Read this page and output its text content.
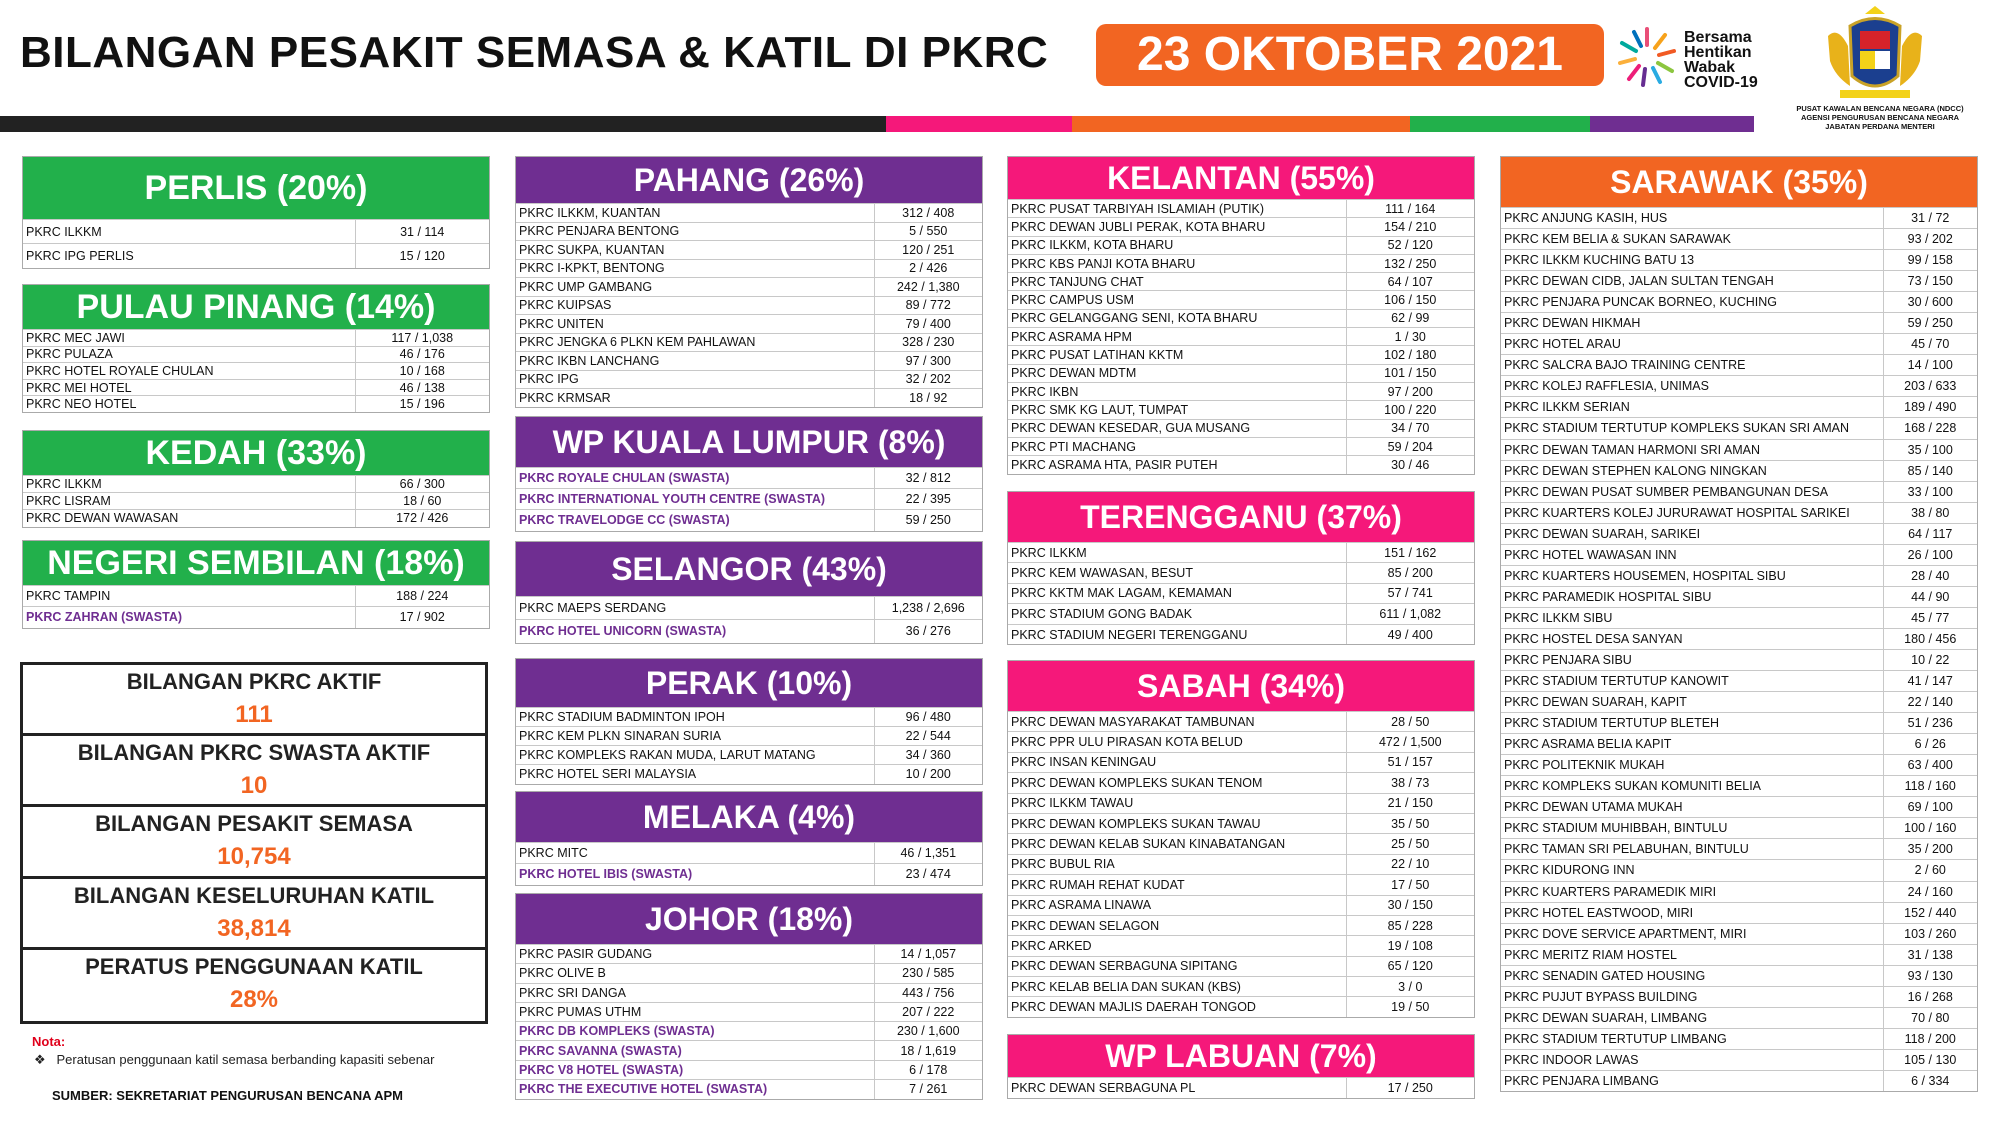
BILANGAN PESAKIT SEMASA & KATIL DI PKRC	23 OKTOBER 2021	Bersama
Hentikan
Wabak
COVID-19
PUSAT KAWALAN BENCANA NEGARA (NDCC)
AGENSI PENGURUSAN BENCANA NEGARA
JABATAN PERDANA MENTERI
PERLIS (20%)
PKRC ILKKM	31 / 114
PKRC IPG PERLIS	15 / 120
PULAU PINANG (14%)
PKRC MEC JAWI	117 / 1,038
PKRC PULAZA	46 / 176
PKRC HOTEL ROYALE CHULAN	10 / 168
PKRC MEI HOTEL	46 / 138
PKRC NEO HOTEL	15 / 196
KEDAH (33%)
PKRC ILKKM	66 / 300
PKRC LISRAM	18 / 60
PKRC DEWAN WAWASAN	172 / 426
NEGERI SEMBILAN (18%)
PKRC TAMPIN	188 / 224
PKRC ZAHRAN (SWASTA)	17 / 902
PAHANG (26%)
PKRC ILKKM, KUANTAN	312 / 408
PKRC PENJARA BENTONG	5 / 550
PKRC SUKPA, KUANTAN	120 / 251
PKRC I-KPKT, BENTONG	2 / 426
PKRC UMP GAMBANG	242 / 1,380
PKRC KUIPSAS	89 / 772
PKRC UNITEN	79 / 400
PKRC JENGKA 6 PLKN KEM PAHLAWAN	328 / 230
PKRC IKBN LANCHANG	97 / 300
PKRC IPG	32 / 202
PKRC KRMSAR	18 / 92
WP KUALA LUMPUR (8%)
PKRC ROYALE CHULAN (SWASTA)	32 / 812
PKRC INTERNATIONAL YOUTH CENTRE (SWASTA)	22 / 395
PKRC TRAVELODGE CC (SWASTA)	59 / 250
SELANGOR (43%)
PKRC MAEPS SERDANG	1,238 / 2,696
PKRC HOTEL UNICORN (SWASTA)	36 / 276
PERAK (10%)
PKRC STADIUM BADMINTON IPOH	96 / 480
PKRC KEM PLKN SINARAN SURIA	22 / 544
PKRC KOMPLEKS RAKAN MUDA, LARUT MATANG	34 / 360
PKRC HOTEL SERI MALAYSIA	10 / 200
MELAKA (4%)
PKRC MITC	46 / 1,351
PKRC HOTEL IBIS (SWASTA)	23 / 474
JOHOR (18%)
PKRC PASIR GUDANG	14 / 1,057
PKRC OLIVE B	230 / 585
PKRC SRI DANGA	443 / 756
PKRC PUMAS UTHM	207 / 222
PKRC DB KOMPLEKS (SWASTA)	230 / 1,600
PKRC SAVANNA (SWASTA)	18 / 1,619
PKRC V8 HOTEL (SWASTA)	6 / 178
PKRC THE EXECUTIVE HOTEL (SWASTA)	7 / 261
KELANTAN (55%)
PKRC PUSAT TARBIYAH ISLAMIAH (PUTIK)	111 / 164
PKRC DEWAN JUBLI PERAK, KOTA BHARU	154 / 210
PKRC ILKKM, KOTA BHARU	52 / 120
PKRC KBS PANJI KOTA BHARU	132 / 250
PKRC TANJUNG CHAT	64 / 107
PKRC CAMPUS USM	106 / 150
PKRC GELANGGANG SENI, KOTA BHARU	62 / 99
PKRC ASRAMA HPM	1 / 30
PKRC PUSAT LATIHAN KKTM	102 / 180
PKRC DEWAN MDTM	101 / 150
PKRC IKBN	97 / 200
PKRC SMK KG LAUT, TUMPAT	100 / 220
PKRC DEWAN KESEDAR, GUA MUSANG	34 / 70
PKRC PTI MACHANG	59 / 204
PKRC ASRAMA HTA, PASIR PUTEH	30 / 46
TERENGGANU (37%)
PKRC ILKKM	151 / 162
PKRC KEM WAWASAN, BESUT	85 / 200
PKRC KKTM MAK LAGAM, KEMAMAN	57 / 741
PKRC STADIUM GONG BADAK	611 / 1,082
PKRC STADIUM NEGERI TERENGGANU	49 / 400
SABAH (34%)
PKRC DEWAN MASYARAKAT TAMBUNAN	28 / 50
PKRC PPR ULU PIRASAN KOTA BELUD	472 / 1,500
PKRC INSAN KENINGAU	51 / 157
PKRC DEWAN KOMPLEKS SUKAN TENOM	38 / 73
PKRC ILKKM TAWAU	21 / 150
PKRC DEWAN KOMPLEKS SUKAN TAWAU	35 / 50
PKRC DEWAN KELAB SUKAN KINABATANGAN	25 / 50
PKRC BUBUL RIA	22 / 10
PKRC RUMAH REHAT KUDAT	17 / 50
PKRC ASRAMA LINAWA	30 / 150
PKRC DEWAN SELAGON	85 / 228
PKRC ARKED	19 / 108
PKRC DEWAN SERBAGUNA SIPITANG	65 / 120
PKRC KELAB BELIA DAN SUKAN (KBS)	3 / 0
PKRC DEWAN MAJLIS DAERAH TONGOD	19 / 50
WP LABUAN (7%)
PKRC DEWAN SERBAGUNA PL	17 / 250
SARAWAK (35%)
PKRC ANJUNG KASIH, HUS	31 / 72
PKRC KEM BELIA & SUKAN SARAWAK	93 / 202
PKRC ILKKM KUCHING BATU 13	99 / 158
PKRC DEWAN CIDB, JALAN SULTAN TENGAH	73 / 150
PKRC PENJARA PUNCAK BORNEO, KUCHING	30 / 600
PKRC DEWAN HIKMAH	59 / 250
PKRC HOTEL ARAU	45 / 70
PKRC SALCRA BAJO TRAINING CENTRE	14 / 100
PKRC KOLEJ RAFFLESIA, UNIMAS	203 / 633
PKRC ILKKM SERIAN	189 / 490
PKRC STADIUM TERTUTUP KOMPLEKS SUKAN SRI AMAN	168 / 228
PKRC DEWAN TAMAN HARMONI SRI AMAN	35 / 100
PKRC DEWAN STEPHEN KALONG NINGKAN	85 / 140
PKRC DEWAN PUSAT SUMBER PEMBANGUNAN DESA	33 / 100
PKRC KUARTERS KOLEJ JURURAWAT HOSPITAL SARIKEI	38 / 80
PKRC DEWAN SUARAH, SARIKEI	64 / 117
PKRC HOTEL WAWASAN INN	26 / 100
PKRC KUARTERS HOUSEMEN, HOSPITAL SIBU	28 / 40
PKRC PARAMEDIK HOSPITAL SIBU	44 / 90
PKRC ILKKM SIBU	45 / 77
PKRC HOSTEL DESA SANYAN	180 / 456
PKRC PENJARA SIBU	10 / 22
PKRC STADIUM TERTUTUP KANOWIT	41 / 147
PKRC DEWAN SUARAH, KAPIT	22 / 140
PKRC STADIUM TERTUTUP BLETEH	51 / 236
PKRC ASRAMA BELIA KAPIT	6 / 26
PKRC POLITEKNIK MUKAH	63 / 400
PKRC KOMPLEKS SUKAN KOMUNITI BELIA	118 / 160
PKRC DEWAN UTAMA MUKAH	69 / 100
PKRC STADIUM MUHIBBAH, BINTULU	100 / 160
PKRC TAMAN SRI PELABUHAN, BINTULU	35 / 200
PKRC KIDURONG INN	2 / 60
PKRC KUARTERS PARAMEDIK MIRI	24 / 160
PKRC HOTEL EASTWOOD, MIRI	152 / 440
PKRC DOVE SERVICE APARTMENT, MIRI	103 / 260
PKRC MERITZ RIAM HOSTEL	31 / 138
PKRC SENADIN GATED HOUSING	93 / 130
PKRC PUJUT BYPASS BUILDING	16 / 268
PKRC DEWAN SUARAH, LIMBANG	70 / 80
PKRC STADIUM TERTUTUP LIMBANG	118 / 200
PKRC INDOOR LAWAS	105 / 130
PKRC PENJARA LIMBANG	6 / 334
BILANGAN PKRC AKTIF
111
BILANGAN PKRC SWASTA AKTIF
10
BILANGAN PESAKIT SEMASA
10,754
BILANGAN KESELURUHAN KATIL
38,814
PERATUS PENGGUNAAN KATIL
28%
Nota:
❖ Peratusan penggunaan katil semasa berbanding kapasiti sebenar
SUMBER: SEKRETARIAT PENGURUSAN BENCANA APM
